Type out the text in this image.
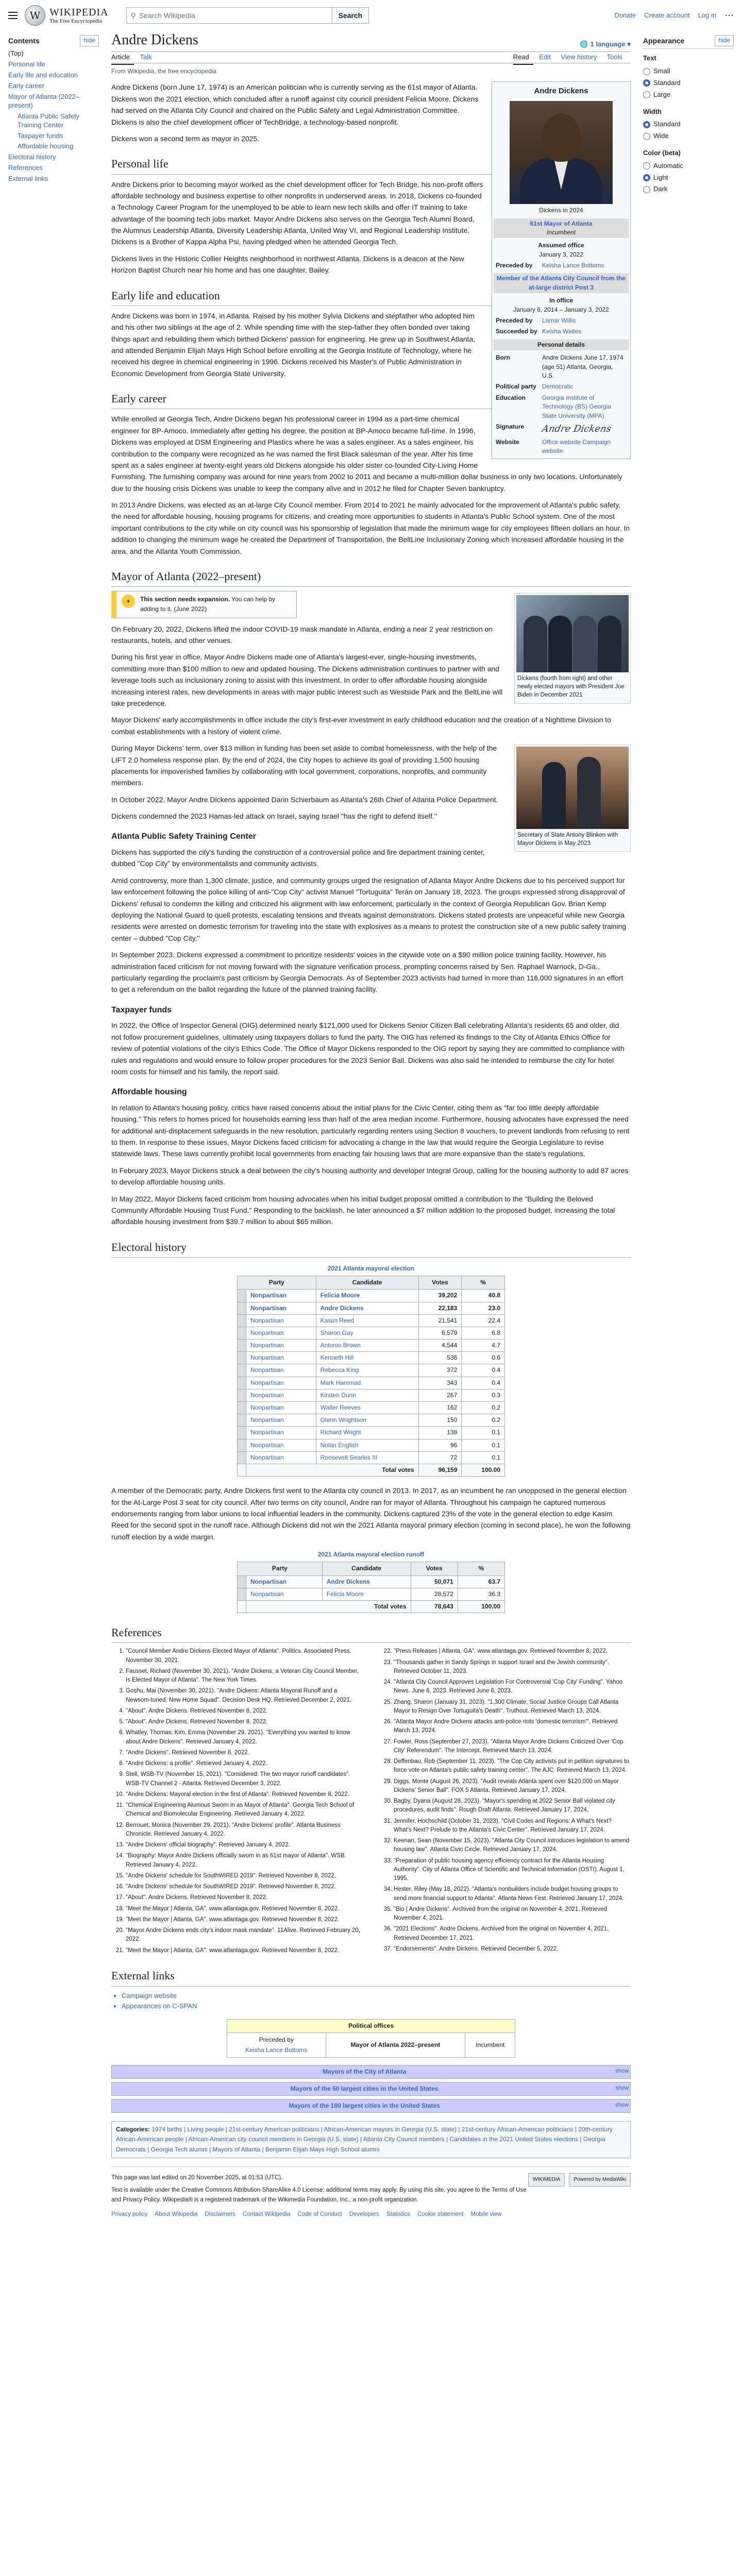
W WIKIPEDIA
The Free Encyclopedia
⚲ Search Wikipedia	Search	Donate Create account Log in ⋯
Contents	hide
(Top)
Personal life
Early life and education
Early career
Mayor of Atlanta (2022–present)
Atlanta Public Safety Training Center
Taxpayer funds
Affordable housing
Electoral history
References
External links
Andre Dickens	🌐 1 language ▾
Article Talk	Read Edit View history Tools
From Wikipedia, the free encyclopedia
Andre Dickens
Dickens in 2024
61st Mayor of Atlanta
Incumbent
Assumed office
January 3, 2022
Preceded by	Keisha Lance Bottoms
Member of the Atlanta City Council from the at-large district Post 3
In office
January 6, 2014 – January 3, 2022
Preceded by	Lamar Willis
Succeeded by Keisha Waites
Personal details
Born	Andre Dickens June 17, 1974 (age 51) Atlanta, Georgia, U.S.
Political party Democratic
Education	Georgia Institute of Technology (BS) Georgia State University (MPA)
Signature	Andre Dickens
Website	Office website Campaign website

Andre Dickens (born June 17, 1974) is an American politician who is currently serving as the 61st mayor of Atlanta. Dickens won the 2021 election, which concluded after a runoff against city council president Felicia Moore. Dickens had served on the Atlanta City Council and chaired on the Public Safety and Legal Administration Committee. Dickens is also the chief development officer of TechBridge, a technology-based nonprofit.

Dickens won a second term as mayor in 2025.

Personal life

Andre Dickens prior to becoming mayor worked as the chief development officer for Tech Bridge, his non-profit offers affordable technology and business expertise to other nonprofits in underserved areas. In 2018, Dickens co-founded a Technology Career Program for the unemployed to be able to learn new tech skills and offer IT training to take advantage of the booming tech jobs market. Mayor Andre Dickens also serves on the Georgia Tech Alumni Board, the Alumnus Leadership Atlanta, Diversity Leadership Atlanta, United Way VI, and Regional Leadership Institute. Dickens is a Brother of Kappa Alpha Psi, having pledged when he attended Georgia Tech.

Dickens lives in the Historic Collier Heights neighborhood in northwest Atlanta. Dickens is a deacon at the New Horizon Baptist Church near his home and has one daughter, Bailey.

Early life and education

Andre Dickens was born in 1974, in Atlanta. Raised by his mother Sylvia Dickens and stepfather who adopted him and his other two siblings at the age of 2. While spending time with the step-father they often bonded over taking things apart and rebuilding them which birthed Dickens' passion for engineering. He grew up in Southwest Atlanta, and attended Benjamin Elijah Mays High School before enrolling at the Georgia Institute of Technology, where he received his degree in chemical engineering in 1996. Dickens received his Master's of Public Administration in Economic Development from Georgia State University.

Early career

While enrolled at Georgia Tech, Andre Dickens began his professional career in 1994 as a part-time chemical engineer for BP-Amoco. Immediately after getting his degree, the position at BP-Amoco became full-time. In 1996, Dickens was employed at DSM Engineering and Plastics where he was a sales engineer. As a sales engineer, his contribution to the company were recognized as he was named the first Black salesman of the year. After his time spent as a sales engineer at twenty-eight years old Dickens alongside his older sister co-founded City-Living Home Furnishing. The furnishing company was around for nine years from 2002 to 2011 and became a multi-million dollar business in only two locations. Unfortunately due to the housing crisis Dickens was unable to keep the company alive and in 2012 he filed for Chapter Seven bankruptcy.

In 2013 Andre Dickens, was elected as an at-large City Council member. From 2014 to 2021 he mainly advocated for the improvement of Atlanta's public safety, the need for affordable housing, housing programs for citizens, and creating more opportunities to students in Atlanta's Public School system. One of the most important contributions to the city while on city council was his sponsorship of legislation that made the minimum wage for city employees fifteen dollars an hour. In addition to changing the minimum wage he created the Department of Transportation, the BeltLine Inclusionary Zoning which increased affordable housing in the area, and the Atlanta Youth Commission.

Mayor of Atlanta (2022–present)
Dickens (fourth from right) and other newly elected mayors with President Joe Biden in December 2021
+	This section needs expansion. You can help by adding to it. (June 2022)

On February 20, 2022, Dickens lifted the indoor COVID-19 mask mandate in Atlanta, ending a near 2 year restriction on restaurants, hotels, and other venues.

During his first year in office, Mayor Andre Dickens made one of Atlanta's largest-ever, single-housing investments, committing more than $100 million to new and updated housing. The Dickens administration continues to partner with and leverage tools such as inclusionary zoning to assist with this investment. In order to offer affordable housing alongside increasing interest rates, new developments in areas with major public interest such as Westside Park and the BeltLine will take precedence.

Mayor Dickens' early accomplishments in office include the city's first-ever investment in early childhood education and the creation of a Nighttime Division to combat establishments with a history of violent crime.

Secretary of State Antony Blinken with Mayor Dickens in May 2023

During Mayor Dickens' term, over $13 million in funding has been set aside to combat homelessness, with the help of the LIFT 2.0 homeless response plan. By the end of 2024, the City hopes to achieve its goal of providing 1,500 housing placements for impoverished families by collaborating with local government, corporations, nonprofits, and community members.

In October 2022, Mayor Andre Dickens appointed Darin Schierbaum as Atlanta's 26th Chief of Atlanta Police Department.

Dickens condemned the 2023 Hamas-led attack on Israel, saying Israel "has the right to defend itself."

Atlanta Public Safety Training Center

Dickens has supported the city's funding the construction of a controversial police and fire department training center, dubbed "Cop City" by environmentalists and community activists.

Amid controversy, more than 1,300 climate, justice, and community groups urged the resignation of Atlanta Mayor Andre Dickens due to his perceived support for law enforcement following the police killing of anti-"Cop City" activist Manuel "Tortuguita" Terán on January 18, 2023. The groups expressed strong disapproval of Dickens' refusal to condemn the killing and criticized his alignment with law enforcement, particularly in the context of Georgia Republican Gov. Brian Kemp deploying the National Guard to quell protests, escalating tensions and threats against demonstrators. Dickens stated protests are unpeaceful while new Georgia residents were arrested on domestic terrorism for traveling into the state with explosives as a means to protest the construction site of a new public safety training center – dubbed "Cop City."

In September 2023, Dickens expressed a commitment to prioritize residents' voices in the citywide vote on a $90 million police training facility. However, his administration faced criticism for not moving forward with the signature verification process, prompting concerns raised by Sen. Raphael Warnock, D-Ga., particularly regarding the proclaim's past criticism by Georgia Democrats. As of September 2023 activists had turned in more than 116,000 signatures in an effort to get a referendum on the ballot regarding the future of the planned training facility.

Taxpayer funds

In 2022, the Office of Inspector General (OIG) determined nearly $121,000 used for Dickens Senior Citizen Ball celebrating Atlanta's residents 65 and older, did not follow procurement guidelines, ultimately using taxpayers dollars to fund the party. The OIG has referred its findings to the City of Atlanta Ethics Office for review of potential violations of the city's Ethics Code. The Office of Mayor Dickens responded to the OIG report by saying they are committed to compliance with rules and regulations and would ensure to follow proper procedures for the 2023 Senior Ball. Dickens was also said he intended to reimburse the city for hotel room costs for himself and his family, the report said.

Affordable housing

In relation to Atlanta's housing policy, critics have raised concerns about the initial plans for the Civic Center, citing them as "far too little deeply affordable housing." This refers to homes priced for households earning less than half of the area median income. Furthermore, housing advocates have expressed the need for additional anti-displacement safeguards in the new resolution, particularly regarding renters using Section 8 vouchers, to prevent landlords from refusing to rent to them. In response to these issues, Mayor Dickens faced criticism for advocating a change in the law that would require the Georgia Legislature to revise statewide laws. These laws currently prohibit local governments from enacting fair housing laws that are more expansive than the state's regulations.

In February 2023, Mayor Dickens struck a deal between the city's housing authority and developer Integral Group, calling for the housing authority to add 87 acres to develop affordable housing units.

In May 2022, Mayor Dickens faced criticism from housing advocates when his initial budget proposal omitted a contribution to the "Building the Beloved Community Affordable Housing Trust Fund." Responding to the backlash, he later announced a $7 million addition to the proposed budget, increasing the total affordable housing investment from $39.7 million to about $65 million.

Electoral history
2021 Atlanta mayoral election
Party		Candidate	Votes	%
	Nonpartisan	Felicia Moore	39,202	40.8
	Nonpartisan	Andre Dickens	22,183	23.0
	Nonpartisan	Kasim Reed	21,541	22.4
	Nonpartisan	Sharon Gay	6,579	6.8
	Nonpartisan	Antonio Brown	4,544	4.7
	Nonpartisan	Kenneth Hill	536	0.6
	Nonpartisan	Rebecca King	372	0.4
	Nonpartisan	Mark Hammad	343	0.4
	Nonpartisan	Kirsten Dunn	267	0.3
	Nonpartisan	Walter Reeves	162	0.2
	Nonpartisan	Glenn Wrightson	150	0.2
	Nonpartisan	Richard Wright	138	0.1
	Nonpartisan	Nolan English	96	0.1
	Nonpartisan	Roosevelt Searles III	72	0.1
	Total votes		96,159	100.00

A member of the Democratic party, Andre Dickens first went to the Atlanta city council in 2013. In 2017, as an incumbent he ran unopposed in the general election for the At-Large Post 3 seat for city council. After two terms on city council, Andre ran for mayor of Atlanta. Throughout his campaign he captured numerous endorsements ranging from labor unions to local influential leaders in the community. Dickens captured 23% of the vote in the general election to edge Kasim Reed for the second spot in the runoff race. Although Dickens did not win the 2021 Atlanta mayoral primary election (coming in second place), he won the following runoff election by a wide margin.

2021 Atlanta mayoral election runoff
Party		Candidate	Votes	%
	Nonpartisan	Andre Dickens	50,071	63.7
	Nonpartisan	Felicia Moore	28,572	36.3
	Total votes		78,643	100.00
References
1. "Council Member Andre Dickens Elected Mayor of Atlanta". Politics. Associated Press. November 30, 2021.
2. Fausset, Richard (November 30, 2021). "Andre Dickens, a Veteran City Council Member, Is Elected Mayor of Atlanta". The New York Times.
3. Goshu, Mai (November 30, 2021). "Andre Dickens: Atlanta Mayoral Runoff and a Newsom-tuned, New Home Squad". Decision Desk HQ. Retrieved December 2, 2021.
4. "About". Andre Dickens. Retrieved November 8, 2022.
5. "About". Andre Dickens. Retrieved November 8, 2022.
6. Whatley, Thomas; Kim, Emma (November 29, 2021). "Everything you wanted to know about Andre Dickens". Retrieved January 4, 2022.
7. "Andre Dickens". Retrieved November 8, 2022.
8. "Andre Dickens: a profile". Retrieved January 4, 2022.
9. Stell, WSB-TV (November 15, 2021). "Considered: The two mayor runoff candidates". WSB-TV Channel 2 - Atlanta. Retrieved December 3, 2022.
10. "Andre Dickens: Mayoral election in the first of Atlanta". Retrieved November 8, 2022.
11. "Chemical Engineering Alumnus Sworn in as Mayor of Atlanta". Georgia Tech School of Chemical and Biomolecular Engineering. Retrieved January 4, 2022.
12. Berrouet, Monica (November 29, 2021). "Andre Dickens' profile". Atlanta Business Chronicle. Retrieved January 4, 2022.
13. "Andre Dickens' official biography". Retrieved January 4, 2022.
14. "Biography: Mayor Andre Dickens officially sworn in as 61st mayor of Atlanta". WSB. Retrieved January 4, 2022.
15. "Andre Dickens' schedule for SouthWIRED 2019". Retrieved November 8, 2022.
16. "Andre Dickens' schedule for SouthWIRED 2019". Retrieved November 8, 2022.
17. "About". Andre Dickens. Retrieved November 8, 2022.
18. "Meet the Mayor | Atlanta, GA". www.atlantaga.gov. Retrieved November 8, 2022.
19. "Meet the Mayor | Atlanta, GA". www.atlantaga.gov. Retrieved November 8, 2022.
20. "Mayor Andre Dickens ends city's indoor mask mandate". 11Alive. Retrieved February 20, 2022.
21. "Meet the Mayor | Atlanta, GA". www.atlantaga.gov. Retrieved November 8, 2022.
22. "Press Releases | Atlanta, GA". www.atlantaga.gov. Retrieved November 8, 2022.
23. "Thousands gather in Sandy Springs in support Israel and the Jewish community". Retrieved October 11, 2023.
24. "Atlanta City Council Approves Legislation For Controversial 'Cop City' Funding". Yahoo News. June 6, 2023. Retrieved June 6, 2023.
25. Zhang, Sharon (January 31, 2023). "1,300 Climate, Social Justice Groups Call Atlanta Mayor to Resign Over Tortuguita's Death". Truthout. Retrieved March 13, 2024.
26. "Atlanta Mayor Andre Dickens attacks anti-police riots 'domestic terrorism'". Retrieved March 13, 2024.
27. Fowler, Ross (September 27, 2023). "Atlanta Mayor Andre Dickens Criticized Over 'Cop City' Referendum". The Intercept. Retrieved March 13, 2024.
28. Deffenbau, Rob (September 11, 2023). "The Cop City activists put in petition signatures to force vote on Atlanta's public safety training center". The AJC. Retrieved March 13, 2024.
29. Diggs, Monte (August 26, 2023). "Audit reveals Atlanta spent over $120,000 on Mayor Dickens' Senior Ball". FOX 5 Atlanta. Retrieved January 17, 2024.
30. Bagby, Dyana (August 28, 2023). "Mayor's spending at 2022 Senior Ball violated city procedures, audit finds". Rough Draft Atlanta. Retrieved January 17, 2024.
31. Jennifer, Hochschild (October 31, 2023). "Civil Codes and Regions: A What's Next? What's Next? Prelude to the Atlanta's Civic Center". Retrieved January 17, 2024.
32. Keenan, Sean (November 15, 2023). "Atlanta City Council introduces legislation to amend housing law". Atlanta Civic Circle. Retrieved January 17, 2024.
33. "Preparation of public housing agency efficiency contract for the Atlanta Housing Authority". City of Atlanta Office of Scientific and Technical Information (OSTI). August 1, 1995.
34. Hester, Riley (May 18, 2022). "Atlanta's nonbuilders include budget housing groups to send more financial support to Atlanta". Atlanta News First. Retrieved January 17, 2024.
35. "Bio | Andre Dickens". Archived from the original on November 4, 2021. Retrieved November 4, 2021.
36. "2021 Elections". Andre Dickens. Archived from the original on November 4, 2021. Retrieved December 17, 2021.
37. "Endorsements". Andre Dickens. Retrieved December 5, 2022.
External links
• Campaign website
• Appearances on C-SPAN
Political offices

Preceded by
Keisha Lance Bottoms	Mayor of Atlanta 2022–present	Incumbent
Mayors of the City of Atlanta	show
Mayors of the 50 largest cities in the United States	show
Mayors of the 100 largest cities in the United States	show
Categories: 1974 births | Living people | 21st-century American politicians | African-American mayors in Georgia (U.S. state) | 21st-century African-American politicians | 20th-century African-American people | African-American city council members in Georgia (U.S. state) | Atlanta City Council members | Candidates in the 2021 United States elections | Georgia Democrats | Georgia Tech alumni | Mayors of Atlanta | Benjamin Elijah Mays High School alumni
WIKIMEDIA	Powered by MediaWiki
This page was last edited on 20 November 2025, at 01:53 (UTC).
Text is available under the Creative Commons Attribution-ShareAlike 4.0 License; additional terms may apply. By using this site, you agree to the Terms of Use and Privacy Policy. Wikipedia® is a registered trademark of the Wikimedia Foundation, Inc., a non-profit organization.
Privacy policy About Wikipedia Disclaimers Contact Wikipedia Code of Conduct Developers Statistics Cookie statement Mobile view
Appearance	hide
Text
Small
Standard
Large
Width
Standard
Wide
Color (beta)
Automatic
Light
Dark
